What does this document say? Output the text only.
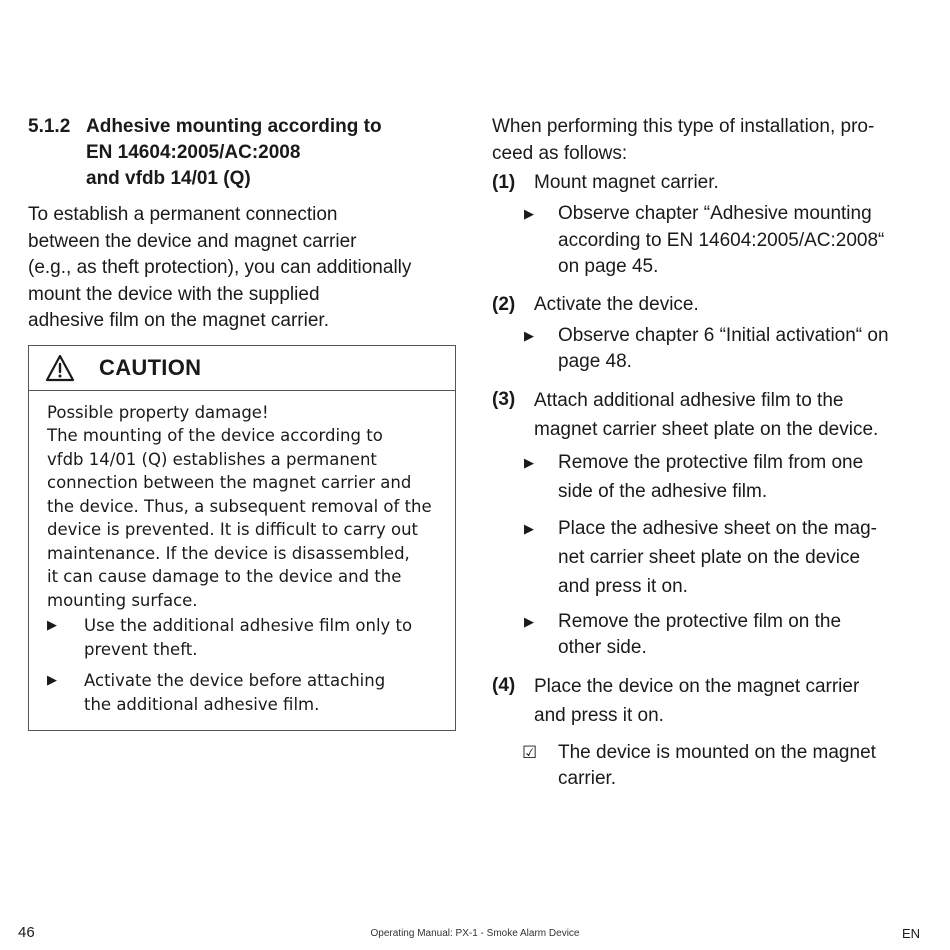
5.1.2 Adhesive mounting according to
EN 14604:2005/AC:2008
and vfdb 14/01 (Q)
To establish a permanent connection
between the device and magnet carrier
(e.g., as theft protection), you can additionally
mount the device with the supplied
adhesive film on the magnet carrier.
CAUTION
Possible property damage!
The mounting of the device according to
vfdb 14/01 (Q) establishes a permanent
connection between the magnet carrier and
the device. Thus, a subsequent removal of the
device is prevented. It is difficult to carry out
maintenance. If the device is disassembled,
it can cause damage to the device and the
mounting surface.
▶	Use the additional adhesive film only to
prevent theft.
▶	Activate the device before attaching
the additional adhesive film.
When performing this type of installation, pro-
ceed as follows:
(1) Mount magnet carrier.
▶	Observe chapter “Adhesive mounting
according to EN 14604:2005/AC:2008“
on page 45.
(2) Activate the device.
▶	Observe chapter 6 “Initial activation“ on
page 48.
(3) Attach additional adhesive film to the
magnet carrier sheet plate on the device.
▶	Remove the protective film from one
side of the adhesive film.
▶	Place the adhesive sheet on the mag-
net carrier sheet plate on the device
and press it on.
▶	Remove the protective film on the
other side.
(4) Place the device on the magnet carrier
and press it on.
☑	The device is mounted on the magnet
carrier.
46	Operating Manual: PX-1 - Smoke Alarm Device	EN
